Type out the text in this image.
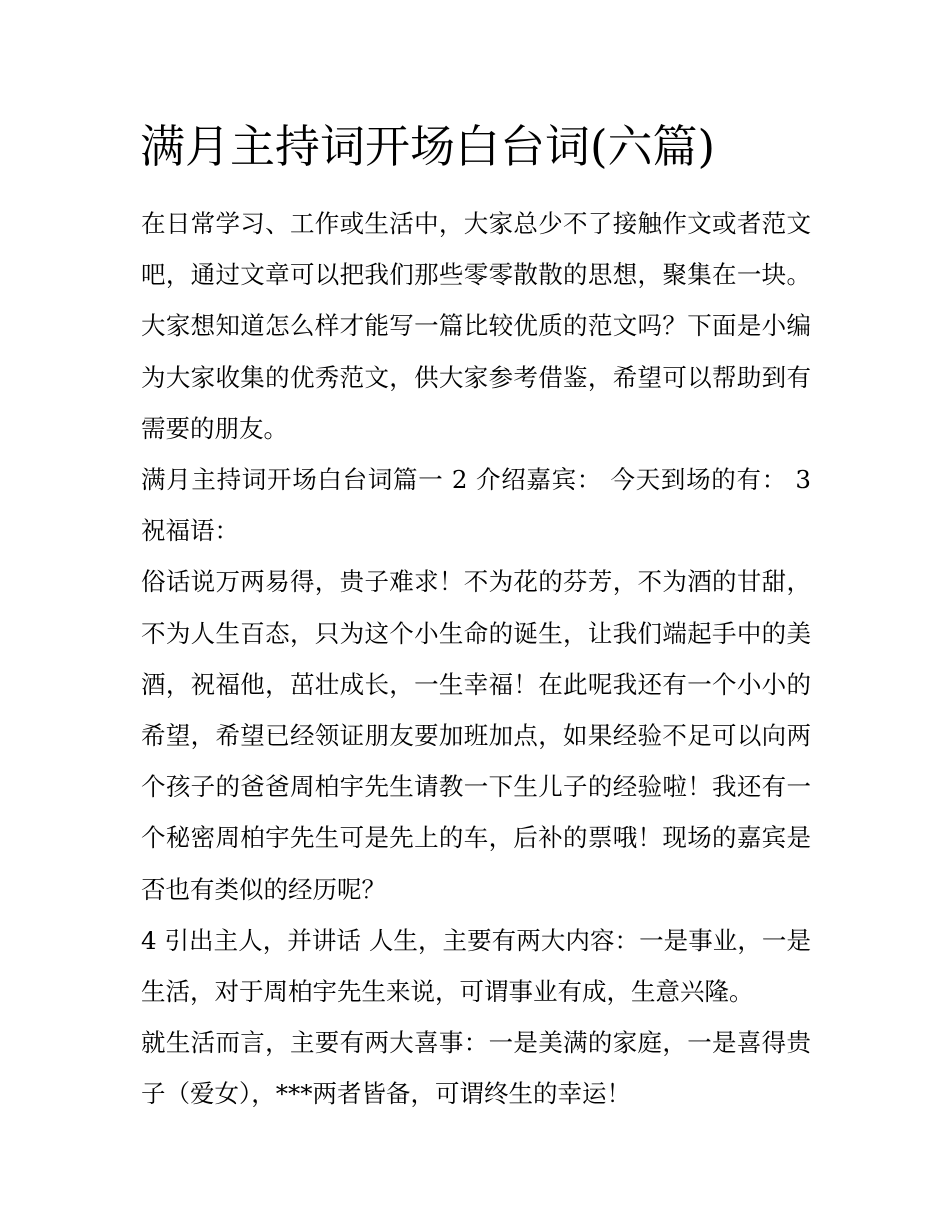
满月主持词开场白台词(六篇)

在日常学习、工作或生活中，大家总少不了接触作文或者范文吧，通过文章可以把我们那些零零散散的思想，聚集在一块。大家想知道怎么样才能写一篇比较优质的范文吗？下面是小编为大家收集的优秀范文，供大家参考借鉴，希望可以帮助到有需要的朋友。

满月主持词开场白台词篇一 2 介绍嘉宾： 今天到场的有： 3 祝福语：

俗话说万两易得，贵子难求！不为花的芬芳，不为酒的甘甜，不为人生百态，只为这个小生命的诞生，让我们端起手中的美酒，祝福他，茁壮成长，一生幸福！在此呢我还有一个小小的希望，希望已经领证朋友要加班加点，如果经验不足可以向两个孩子的爸爸周柏宇先生请教一下生儿子的经验啦！我还有一个秘密周柏宇先生可是先上的车，后补的票哦！现场的嘉宾是否也有类似的经历呢？

4 引出主人，并讲话 人生，主要有两大内容：一是事业，一是生活，对于周柏宇先生来说，可谓事业有成，生意兴隆。

就生活而言，主要有两大喜事：一是美满的家庭，一是喜得贵子（爱女），***两者皆备，可谓终生的幸运！
